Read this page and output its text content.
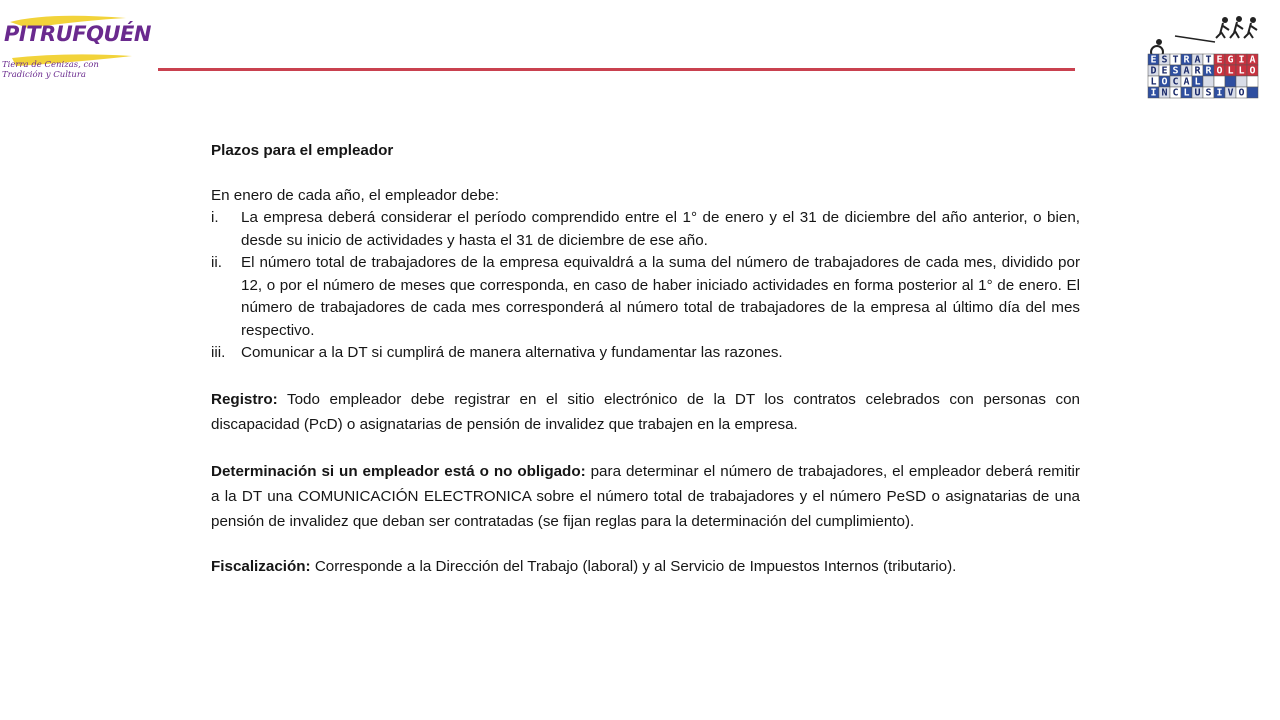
PITRUFQUÉN
Tierra de Cenizas, con Tradición y Cultura
E S T R A T E G I A
D E S A R R O L L O
L O C A L
I N C L U S I V O

Plazos para el empleador

En enero de cada año, el empleador debe:

i. La empresa deberá considerar el período comprendido entre el 1° de enero y el 31 de diciembre del año anterior, o bien, desde su inicio de actividades y hasta el 31 de diciembre de ese año.
ii. El número total de trabajadores de la empresa equivaldrá a la suma del número de trabajadores de cada mes, dividido por 12, o por el número de meses que corresponda, en caso de haber iniciado actividades en forma posterior al 1° de enero. El número de trabajadores de cada mes corresponderá al número total de trabajadores de la empresa al último día del mes respectivo.
iii. Comunicar a la DT si cumplirá de manera alternativa y fundamentar las razones.

Registro: Todo empleador debe registrar en el sitio electrónico de la DT los contratos celebrados con personas con discapacidad (PcD) o asignatarias de pensión de invalidez que trabajen en la empresa.

Determinación si un empleador está o no obligado: para determinar el número de trabajadores, el empleador deberá remitir a la DT una COMUNICACIÓN ELECTRONICA sobre el número total de trabajadores y el número PeSD o asignatarias de una pensión de invalidez que deban ser contratadas (se fijan reglas para la determinación del cumplimiento).

Fiscalización: Corresponde a la Dirección del Trabajo (laboral) y al Servicio de Impuestos Internos (tributario).
